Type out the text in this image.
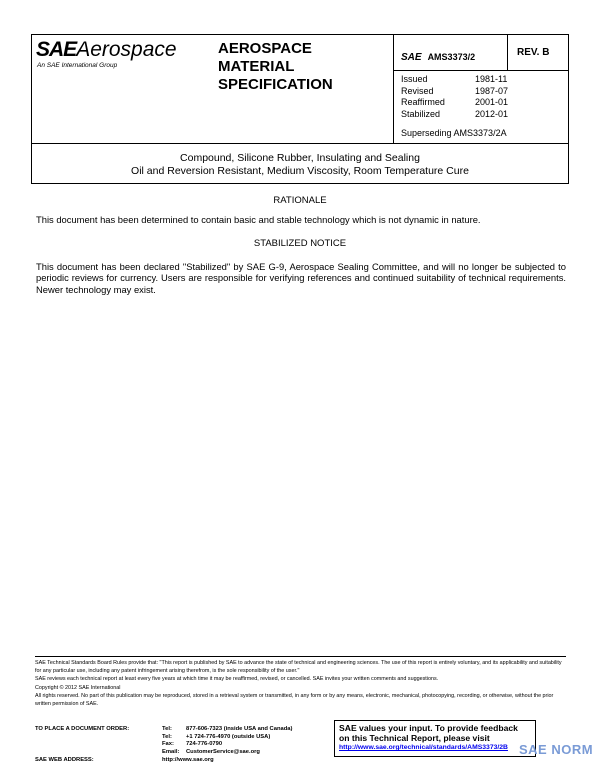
SAEAerospace
An SAE International Group
AEROSPACE
MATERIAL
SPECIFICATION
SAE AMS3373/2	REV. B
Issued	1981-11
Revised	1987-07
Reaffirmed	2001-01
Stabilized	2012-01
Superseding AMS3373/2A
Compound, Silicone Rubber, Insulating and Sealing
Oil and Reversion Resistant, Medium Viscosity, Room Temperature Cure
RATIONALE
This document has been determined to contain basic and stable technology which is not dynamic in nature.
STABILIZED NOTICE
This document has been declared "Stabilized" by SAE G-9, Aerospace Sealing Committee, and will no longer be subjected to periodic reviews for currency. Users are responsible for verifying references and continued suitability of technical requirements. Newer technology may exist.
SAE Technical Standards Board Rules provide that: "This report is published by SAE to advance the state of technical and engineering sciences. The use of this report is entirely voluntary, and its applicability and suitability for any particular use, including any patent infringement arising therefrom, is the sole responsibility of the user."
SAE reviews each technical report at least every five years at which time it may be reaffirmed, revised, or cancelled. SAE invites your written comments and suggestions.
Copyright © 2012 SAE International
All rights reserved. No part of this publication may be reproduced, stored in a retrieval system or transmitted, in any form or by any means, electronic, mechanical, photocopying, recording, or otherwise, without the prior written permission of SAE.
TO PLACE A DOCUMENT ORDER:	Tel:	877-606-7323 (inside USA and Canada)
Tel:	+1 724-776-4970 (outside USA)
Fax:	724-776-0790
Email:	CustomerService@sae.org
SAE WEB ADDRESS:	http://www.sae.org
SAE values your input. To provide feedback
on this Technical Report, please visit
http://www.sae.org/technical/standards/AMS3373/2B SAE NORM
